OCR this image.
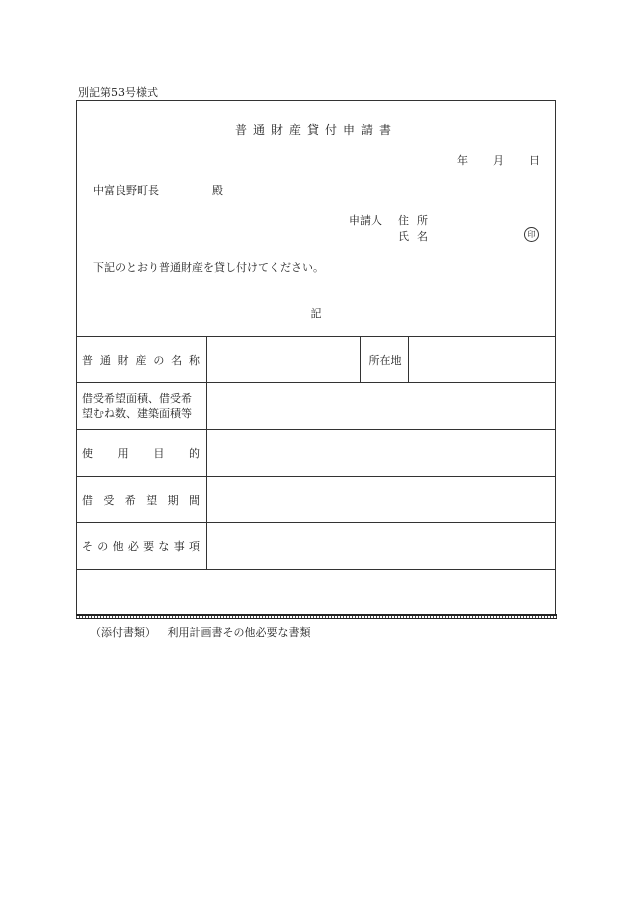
別記第53号様式
普通財産貸付申請書
年 月 日
中富良野町長	殿
申請人 住所
氏名	印
下記のとおり普通財産を貸し付けてください。
記
普通財産の名称	所在地
借受希望面積、借受希
望むね数、建築面積等
使用目的
借受希望期間
その他必要な事項
（添付書類） 利用計画書その他必要な書類
